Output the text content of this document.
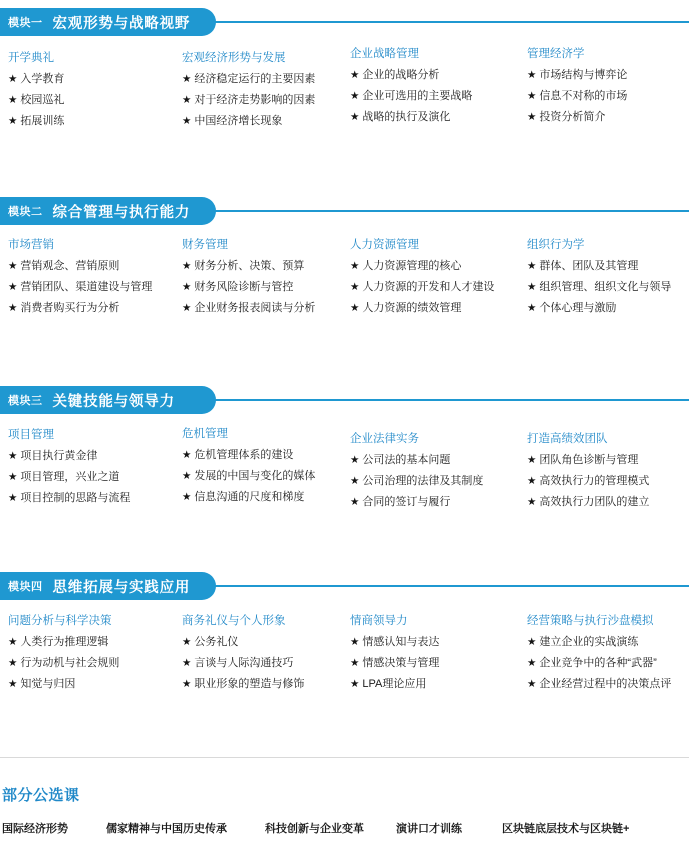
模块一 宏观形势与战略视野
开学典礼
★ 入学教育
★ 校园巡礼
★ 拓展训练
宏观经济形势与发展
★ 经济稳定运行的主要因素
★ 对于经济走势影响的因素
★ 中国经济增长现象
企业战略管理
★ 企业的战略分析
★ 企业可选用的主要战略
★ 战略的执行及演化
管理经济学
★ 市场结构与博弈论
★ 信息不对称的市场
★ 投资分析简介
模块二 综合管理与执行能力
市场营销
★ 营销观念、营销原则
★ 营销团队、渠道建设与管理
★ 消费者购买行为分析
财务管理
★ 财务分析、决策、预算
★ 财务风险诊断与管控
★ 企业财务报表阅读与分析
人力资源管理
★ 人力资源管理的核心
★ 人力资源的开发和人才建设
★ 人力资源的绩效管理
组织行为学
★ 群体、团队及其管理
★ 组织管理、组织文化与领导
★ 个体心理与激励
模块三 关键技能与领导力
项目管理
★ 项目执行黄金律
★ 项目管理，兴业之道
★ 项目控制的思路与流程
危机管理
★ 危机管理体系的建设
★ 发展的中国与变化的媒体
★ 信息沟通的尺度和梯度
企业法律实务
★ 公司法的基本问题
★ 公司治理的法律及其制度
★ 合同的签订与履行
打造高绩效团队
★ 团队角色诊断与管理
★ 高效执行力的管理模式
★ 高效执行力团队的建立
模块四 思维拓展与实践应用
问题分析与科学决策
★ 人类行为推理逻辑
★ 行为动机与社会规则
★ 知觉与归因
商务礼仪与个人形象
★ 公务礼仪
★ 言谈与人际沟通技巧
★ 职业形象的塑造与修饰
情商领导力
★ 情感认知与表达
★ 情感决策与管理
★ LPA理论应用
经营策略与执行沙盘模拟
★ 建立企业的实战演练
★ 企业竞争中的各种“武器”
★ 企业经营过程中的决策点评
部分公选课
国际经济形势	儒家精神与中国历史传承	科技创新与企业变革	演讲口才训练	区块链底层技术与区块链+
